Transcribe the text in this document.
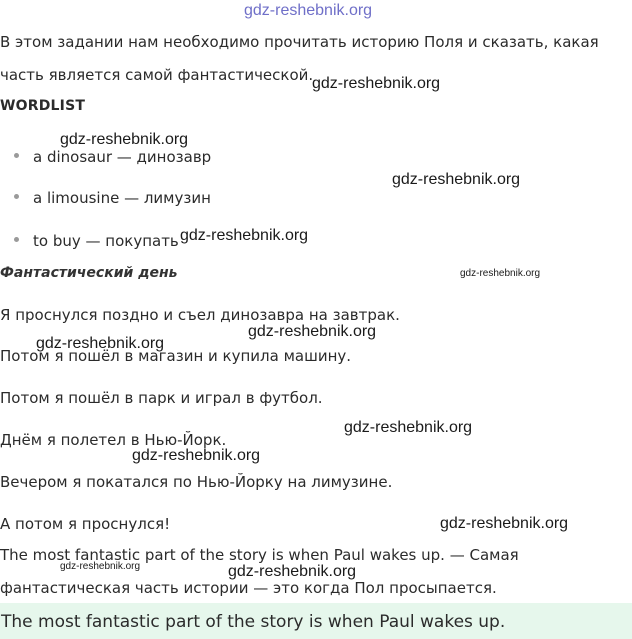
gdz-reshebnik.org
В этом задании нам необходимо прочитать историю Поля и сказать, какая
часть является самой фантастической.
WORDLIST
a dinosaur — динозавр
a limousine — лимузин
to buy — покупать
Фантастический день
Я проснулся поздно и съел динозавра на завтрак.
Потом я пошёл в магазин и купила машину.
Потом я пошёл в парк и играл в футбол.
Днём я полетел в Нью-Йорк.
Вечером я покатался по Нью-Йорку на лимузине.
А потом я проснулся!
The most fantastic part of the story is when Paul wakes up. — Самая
фантастическая часть истории — это когда Пол просыпается.
The most fantastic part of the story is when Paul wakes up.
gdz-reshebnik.org
gdz-reshebnik.org
gdz-reshebnik.org
gdz-reshebnik.org
gdz-reshebnik.org
gdz-reshebnik.org
gdz-reshebnik.org
gdz-reshebnik.org
gdz-reshebnik.org
gdz-reshebnik.org
gdz-reshebnik.org	gdz-reshebnik.org
